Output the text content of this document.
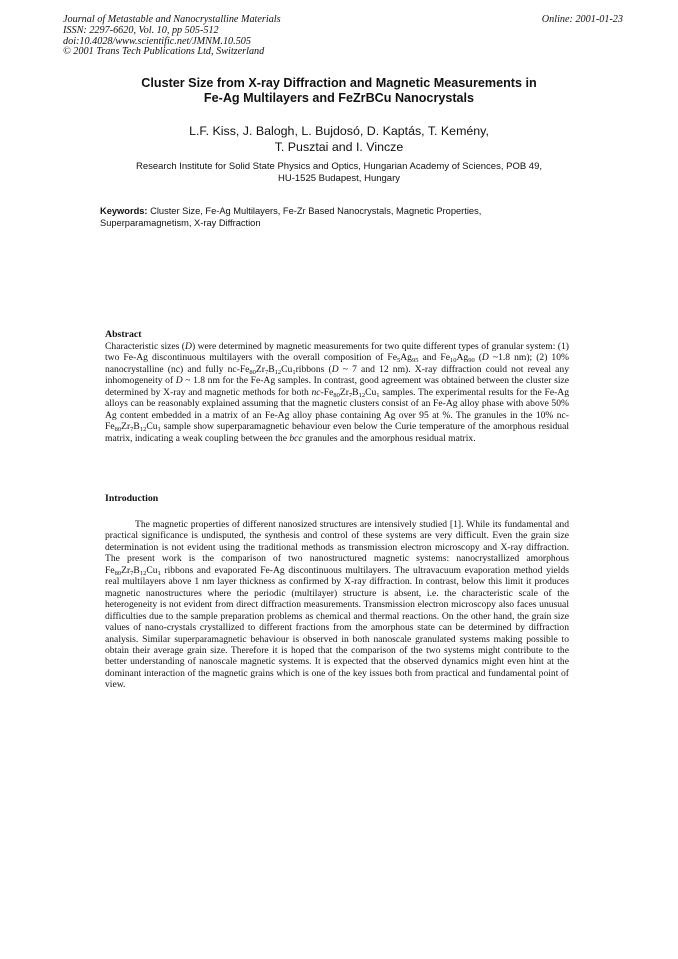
Journal of Metastable and Nanocrystalline Materials
ISSN: 2297-6620, Vol. 10, pp 505-512
doi:10.4028/www.scientific.net/JMNM.10.505
© 2001 Trans Tech Publications Ltd, Switzerland
Online: 2001-01-23
Cluster Size from X-ray Diffraction and Magnetic Measurements in
Fe-Ag Multilayers and FeZrBCu Nanocrystals
L.F. Kiss, J. Balogh, L. Bujdosó, D. Kaptás, T. Kemény,
T. Pusztai and I. Vincze
Research Institute for Solid State Physics and Optics, Hungarian Academy of Sciences, POB 49,
HU-1525 Budapest, Hungary
Keywords: Cluster Size, Fe-Ag Multilayers, Fe-Zr Based Nanocrystals, Magnetic Properties, Superparamagnetism, X-ray Diffraction
Abstract
Characteristic sizes (D) were determined by magnetic measurements for two quite different types of granular system: (1) two Fe-Ag discontinuous multilayers with the overall composition of $Fe_5Ag_{95}$ and $Fe_{10}Ag_{90}$ (D ~1.8 nm); (2) 10% nanocrystalline (nc) and fully $nc-Fe_{80}Zr_7B_{12}Cu_1ribbons$ (D ~ 7 and 12 nm). X-ray diffraction could not reveal any inhomogeneity of D ~ 1.8 nm for the Fe-Ag samples. In contrast, good agreement was obtained between the cluster size determined by X-ray and magnetic methods for both $nc-Fe_{80}Zr_7B_{12}Cu_1$ samples. The experimental results for the Fe-Ag alloys can be reasonably explained assuming that the magnetic clusters consist of an Fe-Ag alloy phase with above 50% Ag content embedded in a matrix of an Fe-Ag alloy phase containing Ag over 95 at %. The granules in the 10% $nc-Fe_{80}Zr_7B_{12}Cu_1$ sample show superparamagnetic behaviour even below the Curie temperature of the amorphous residual matrix, indicating a weak coupling between the bcc granules and the amorphous residual matrix.
Introduction
The magnetic properties of different nanosized structures are intensively studied [1]. While its fundamental and practical significance is undisputed, the synthesis and control of these systems are very difficult. Even the grain size determination is not evident using the traditional methods as transmission electron microscopy and X-ray diffraction. The present work is the comparison of two nanostructured magnetic systems: nanocrystallized amorphous $Fe_{80}Zr_7B_{12}Cu_1$ ribbons and evaporated Fe-Ag discontinuous multilayers. The ultravacuum evaporation method yields real multilayers above 1 nm layer thickness as confirmed by X-ray diffraction. In contrast, below this limit it produces magnetic nanostructures where the periodic (multilayer) structure is absent, i.e. the characteristic scale of the heterogeneity is not evident from direct diffraction measurements. Transmission electron microscopy also faces unusual difficulties due to the sample preparation problems as chemical and thermal reactions. On the other hand, the grain size values of nano-crystals crystallized to different fractions from the amorphous state can be determined by diffraction analysis. Similar superparamagnetic behaviour is observed in both nanoscale granulated systems making possible to obtain their average grain size. Therefore it is hoped that the comparison of the two systems might contribute to the better understanding of nanoscale magnetic systems. It is expected that the observed dynamics might even hint at the dominant interaction of the magnetic grains which is one of the key issues both from practical and fundamental point of view.
